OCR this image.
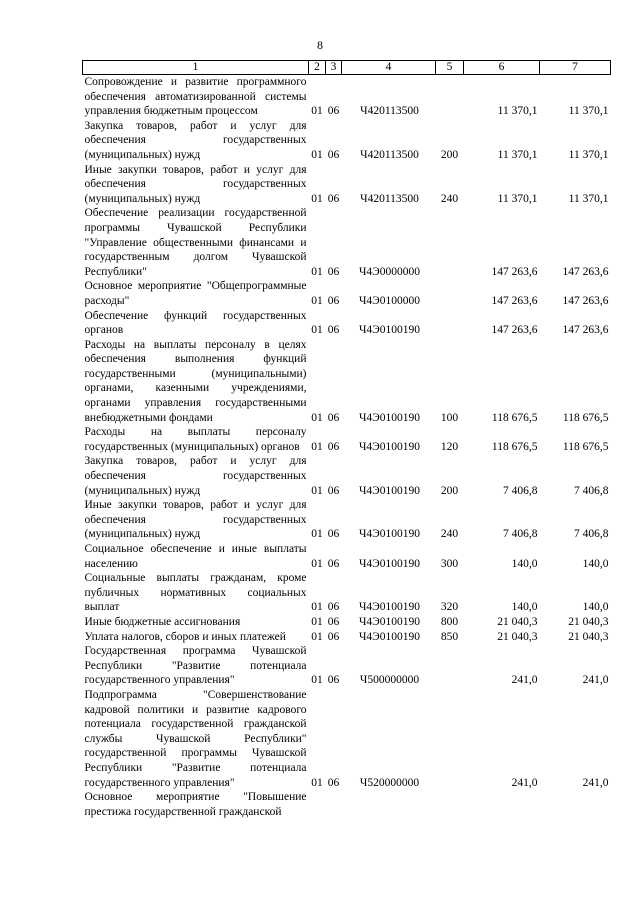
8
1	2	3	4	5	6	7
Сопровождение и развитие программного обеспечения автоматизированной системы управления бюджетным процессом	01	06	Ч420113500		11 370,1	11 370,1
Закупка товаров, работ и услуг для обеспечения государственных (муниципальных) нужд	01	06	Ч420113500	200	11 370,1	11 370,1
Иные закупки товаров, работ и услуг для обеспечения государственных (муниципальных) нужд	01	06	Ч420113500	240	11 370,1	11 370,1
Обеспечение реализации государственной программы Чувашской Республики "Управление общественными финансами и государственным долгом Чувашской Республики"	01	06	Ч4Э0000000		147 263,6	147 263,6
Основное мероприятие "Общепрограммные расходы"	01	06	Ч4Э0100000		147 263,6	147 263,6
Обеспечение функций государственных органов	01	06	Ч4Э0100190		147 263,6	147 263,6
Расходы на выплаты персоналу в целях обеспечения выполнения функций государственными (муниципальными) органами, казенными учреждениями, органами управления государственными внебюджетными фондами	01	06	Ч4Э0100190	100	118 676,5	118 676,5
Расходы на выплаты персоналу государственных (муниципальных) органов	01	06	Ч4Э0100190	120	118 676,5	118 676,5
Закупка товаров, работ и услуг для обеспечения государственных (муниципальных) нужд	01	06	Ч4Э0100190	200	7 406,8	7 406,8
Иные закупки товаров, работ и услуг для обеспечения государственных (муниципальных) нужд	01	06	Ч4Э0100190	240	7 406,8	7 406,8
Социальное обеспечение и иные выплаты населению	01	06	Ч4Э0100190	300	140,0	140,0
Социальные выплаты гражданам, кроме публичных нормативных социальных выплат	01	06	Ч4Э0100190	320	140,0	140,0
Иные бюджетные ассигнования	01	06	Ч4Э0100190	800	21 040,3	21 040,3
Уплата налогов, сборов и иных платежей	01	06	Ч4Э0100190	850	21 040,3	21 040,3
Государственная программа Чувашской Республики "Развитие потенциала государственного управления"	01	06	Ч500000000		241,0	241,0
Подпрограмма "Совершенствование кадровой политики и развитие кадрового потенциала государственной гражданской службы Чувашской Республики" государственной программы Чувашской Республики "Развитие потенциала государственного управления"	01	06	Ч520000000		241,0	241,0
Основное мероприятие "Повышение престижа государственной гражданской						
